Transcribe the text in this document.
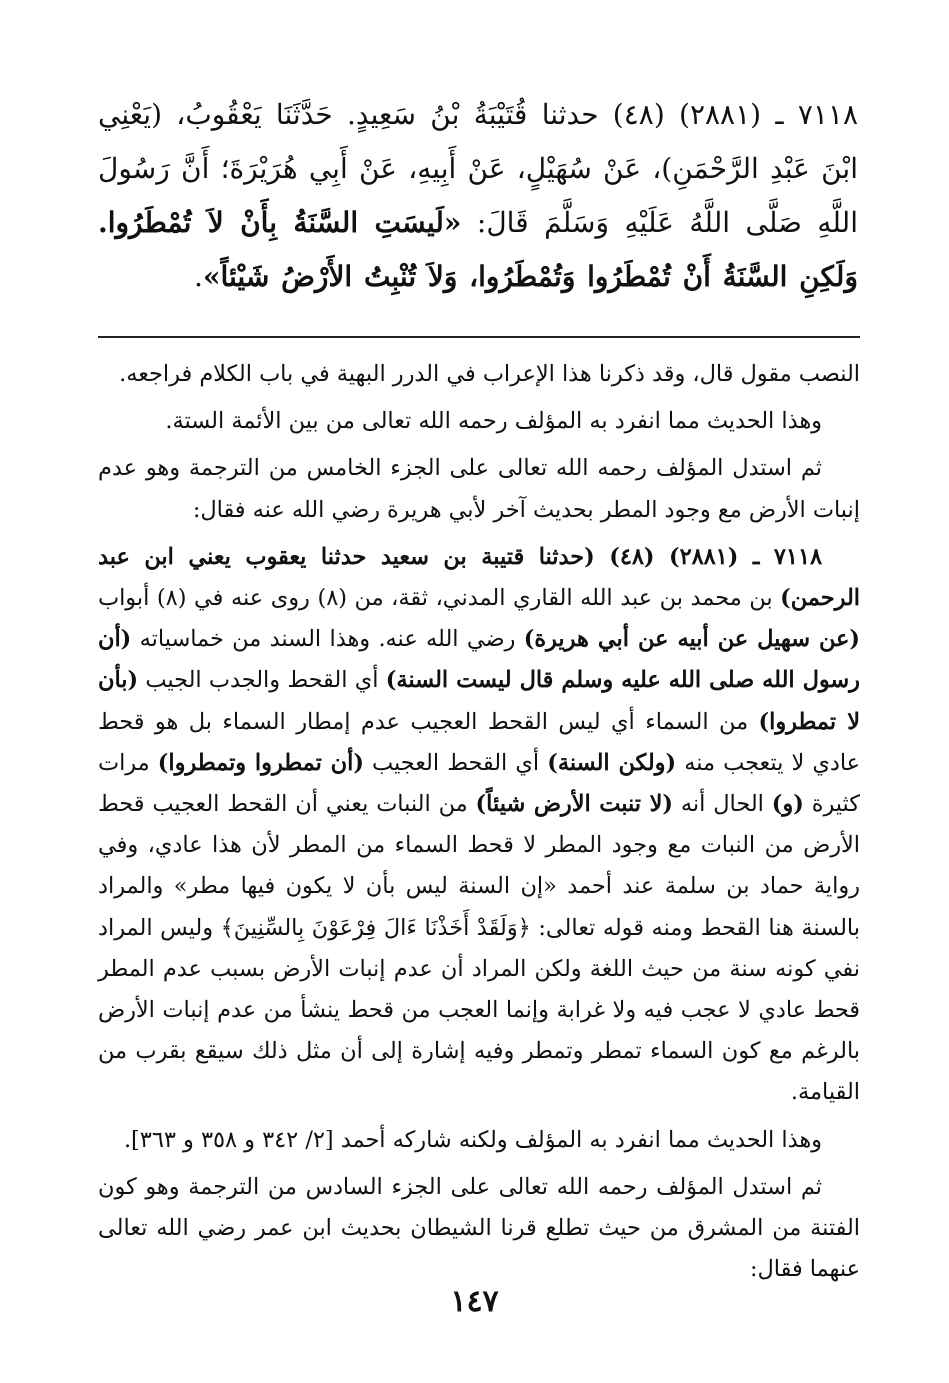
٧١١٨ ـ (٢٨٨١) (٤٨) حدثنا قُتَيْبَةُ بْنُ سَعِيدٍ. حَدَّثَنَا يَعْقُوبُ، (يَعْنِي ابْنَ عَبْدِ الرَّحْمَنِ)، عَنْ سُهَيْلٍ، عَنْ أَبِيهِ، عَنْ أَبِي هُرَيْرَةَ؛ أَنَّ رَسُولَ اللَّهِ صَلَّى اللَّهُ عَلَيْهِ وَسَلَّمَ قَالَ: «لَيسَتِ السَّنَةُ بِأَنْ لاَ تُمْطَرُوا. وَلَكِنِ السَّنَةُ أَنْ تُمْطَرُوا وَتُمْطَرُوا، وَلاَ تُنْبِتُ الأَرْضُ شَيْئاً».

النصب مقول قال، وقد ذكرنا هذا الإعراب في الدرر البهية في باب الكلام فراجعه.

وهذا الحديث مما انفرد به المؤلف رحمه الله تعالى من بين الأئمة الستة.

ثم استدل المؤلف رحمه الله تعالى على الجزء الخامس من الترجمة وهو عدم إنبات الأرض مع وجود المطر بحديث آخر لأبي هريرة رضي الله عنه فقال:

٧١١٨ ـ (٢٨٨١) (٤٨) (حدثنا قتيبة بن سعيد حدثنا يعقوب يعني ابن عبد الرحمن) بن محمد بن عبد الله القاري المدني، ثقة، من (٨) روى عنه في (٨) أبواب (عن سهيل عن أبيه عن أبي هريرة) رضي الله عنه. وهذا السند من خماسياته (أن رسول الله صلى الله عليه وسلم قال ليست السنة) أي القحط والجدب الجيب (بأن لا تمطروا) من السماء أي ليس القحط العجيب عدم إمطار السماء بل هو قحط عادي لا يتعجب منه (ولكن السنة) أي القحط العجيب (أن تمطروا وتمطروا) مرات كثيرة (و) الحال أنه (لا تنبت الأرض شيئاً) من النبات يعني أن القحط العجيب قحط الأرض من النبات مع وجود المطر لا قحط السماء من المطر لأن هذا عادي، وفي رواية حماد بن سلمة عند أحمد «إن السنة ليس بأن لا يكون فيها مطر» والمراد بالسنة هنا القحط ومنه قوله تعالى: ﴿وَلَقَدْ أَخَذْنَا ءَالَ فِرْعَوْنَ بِالسِّنِينَ﴾ وليس المراد نفي كونه سنة من حيث اللغة ولكن المراد أن عدم إنبات الأرض بسبب عدم المطر قحط عادي لا عجب فيه ولا غرابة وإنما العجب من قحط ينشأ من عدم إنبات الأرض بالرغم مع كون السماء تمطر وتمطر وفيه إشارة إلى أن مثل ذلك سيقع بقرب من القيامة.

وهذا الحديث مما انفرد به المؤلف ولكنه شاركه أحمد [٢/ ٣٤٢ و ٣٥٨ و ٣٦٣].

ثم استدل المؤلف رحمه الله تعالى على الجزء السادس من الترجمة وهو كون الفتنة من المشرق من حيث تطلع قرنا الشيطان بحديث ابن عمر رضي الله تعالى عنهما فقال:

١٤٧
